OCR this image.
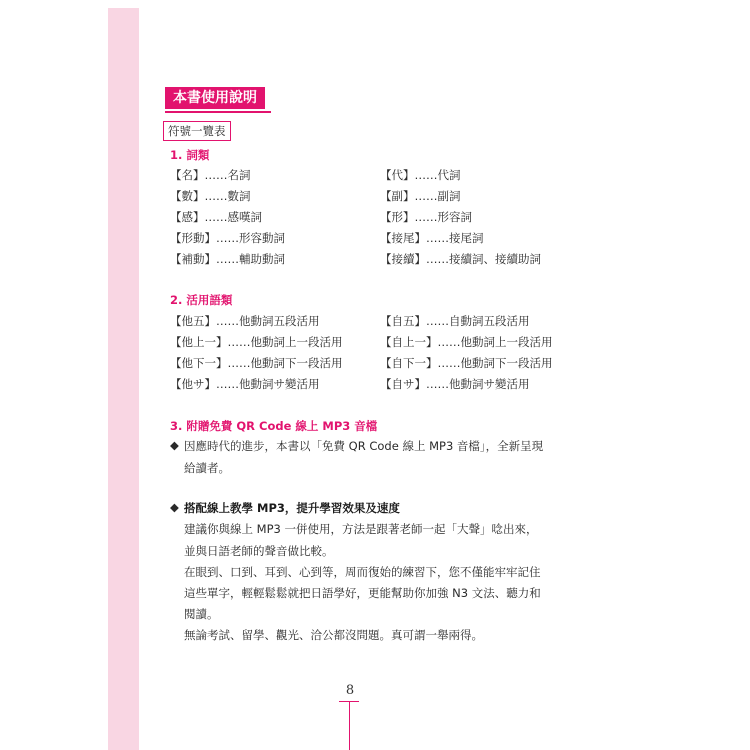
本書使用說明
符號一覽表
1. 詞類
【名】……名詞
【數】……數詞
【感】……感嘆詞
【形動】……形容動詞
【補動】……輔助動詞
【代】……代詞
【副】……副詞
【形】……形容詞
【接尾】……接尾詞
【接續】……接續詞、接續助詞
2. 活用語類
【他五】……他動詞五段活用
【他上一】……他動詞上一段活用
【他下一】……他動詞下一段活用
【他サ】……他動詞サ變活用
【自五】……自動詞五段活用
【自上一】……他動詞上一段活用
【自下一】……他動詞下一段活用
【自サ】……他動詞サ變活用
3. 附贈免費 QR Code 線上 MP3 音檔
◆ 因應時代的進步，本書以「免費 QR Code 線上 MP3 音檔」，全新呈現
給讀者。
◆ 搭配線上教學 MP3，提升學習效果及速度
建議你與線上 MP3 一併使用，方法是跟著老師一起「大聲」唸出來，
並與日語老師的聲音做比較。
在眼到、口到、耳到、心到等，周而復始的練習下，您不僅能牢牢記住
這些單字，輕輕鬆鬆就把日語學好，更能幫助你加強 N3 文法、聽力和
閱讀。
無論考試、留學、觀光、洽公都沒問題。真可謂一舉兩得。
8
